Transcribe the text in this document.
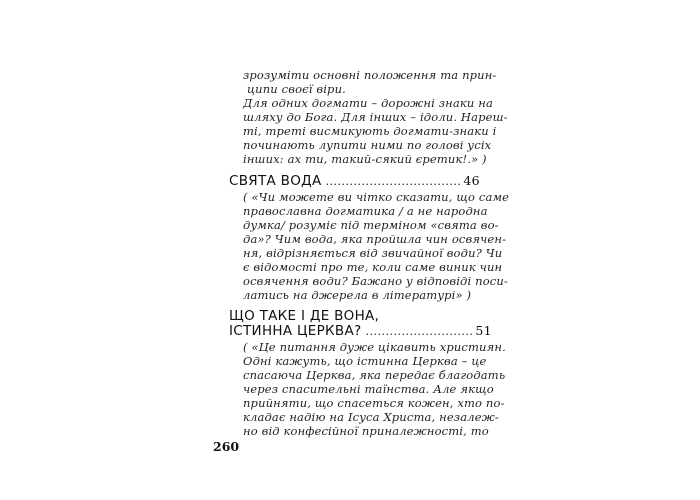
зрозуміти основні положення та прин-
ципи своєї віри.
Для одних догмати – дорожні знаки на
шляху до Бога. Для інших – ідоли. Нареш-
ті, треті висмикують догмати-знаки і
починають лупити ними по голові усіх
інших: ах ти, такий-сякий єретик!.» )
СВЯТА ВОДА .................................. 46
( «Чи можете ви чітко сказати, що саме
православна догматика / а не народна
думка/ розуміє під терміном «свята во-
да»? Чим вода, яка пройшла чин освячен-
ня, відрізняється від звичайної води? Чи
є відомості про те, коли саме виник чин
освячення води? Бажано у відповіді поси-
латись на джерела в літературі» )
ЩО ТАКЕ І ДЕ ВОНА,
ІСТИННА ЦЕРКВА? ........................... 51
( «Це питання дуже цікавить християн.
Одні кажуть, що істинна Церква – це
спасаюча Церква, яка передає благодать
через спасительні таїнства. Але якщо
прийняти, що спасеться кожен, хто по-
кладає надію на Ісуса Христа, незалеж-
но від конфесійної приналежності, то
260
